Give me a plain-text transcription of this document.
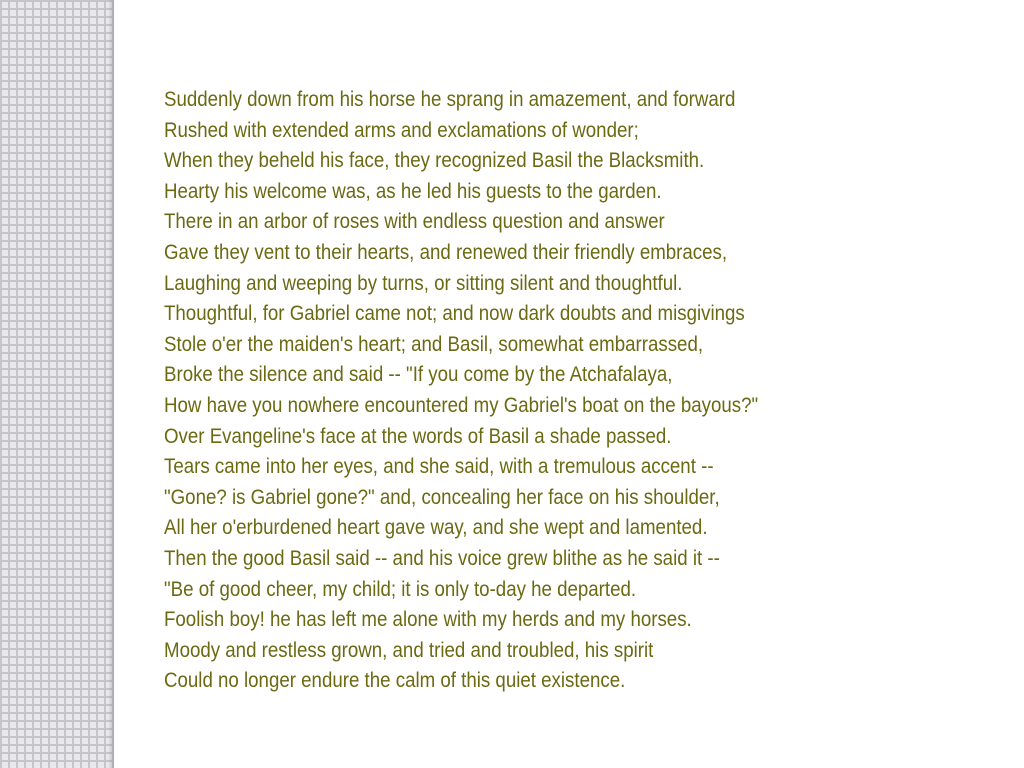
Suddenly down from his horse he sprang in amazement, and forward
Rushed with extended arms and exclamations of wonder;
When they beheld his face, they recognized Basil the Blacksmith.
Hearty his welcome was, as he led his guests to the garden.
There in an arbor of roses with endless question and answer
Gave they vent to their hearts, and renewed their friendly embraces,
Laughing and weeping by turns, or sitting silent and thoughtful.
Thoughtful, for Gabriel came not; and now dark doubts and misgivings
Stole o'er the maiden's heart; and Basil, somewhat embarrassed,
Broke the silence and said -- "If you come by the Atchafalaya,
How have you nowhere encountered my Gabriel's boat on the bayous?"
Over Evangeline's face at the words of Basil a shade passed.
Tears came into her eyes, and she said, with a tremulous accent --
"Gone? is Gabriel gone?" and, concealing her face on his shoulder,
All her o'erburdened heart gave way, and she wept and lamented.
Then the good Basil said -- and his voice grew blithe as he said it --
"Be of good cheer, my child; it is only to-day he departed.
Foolish boy! he has left me alone with my herds and my horses.
Moody and restless grown, and tried and troubled, his spirit
Could no longer endure the calm of this quiet existence.
